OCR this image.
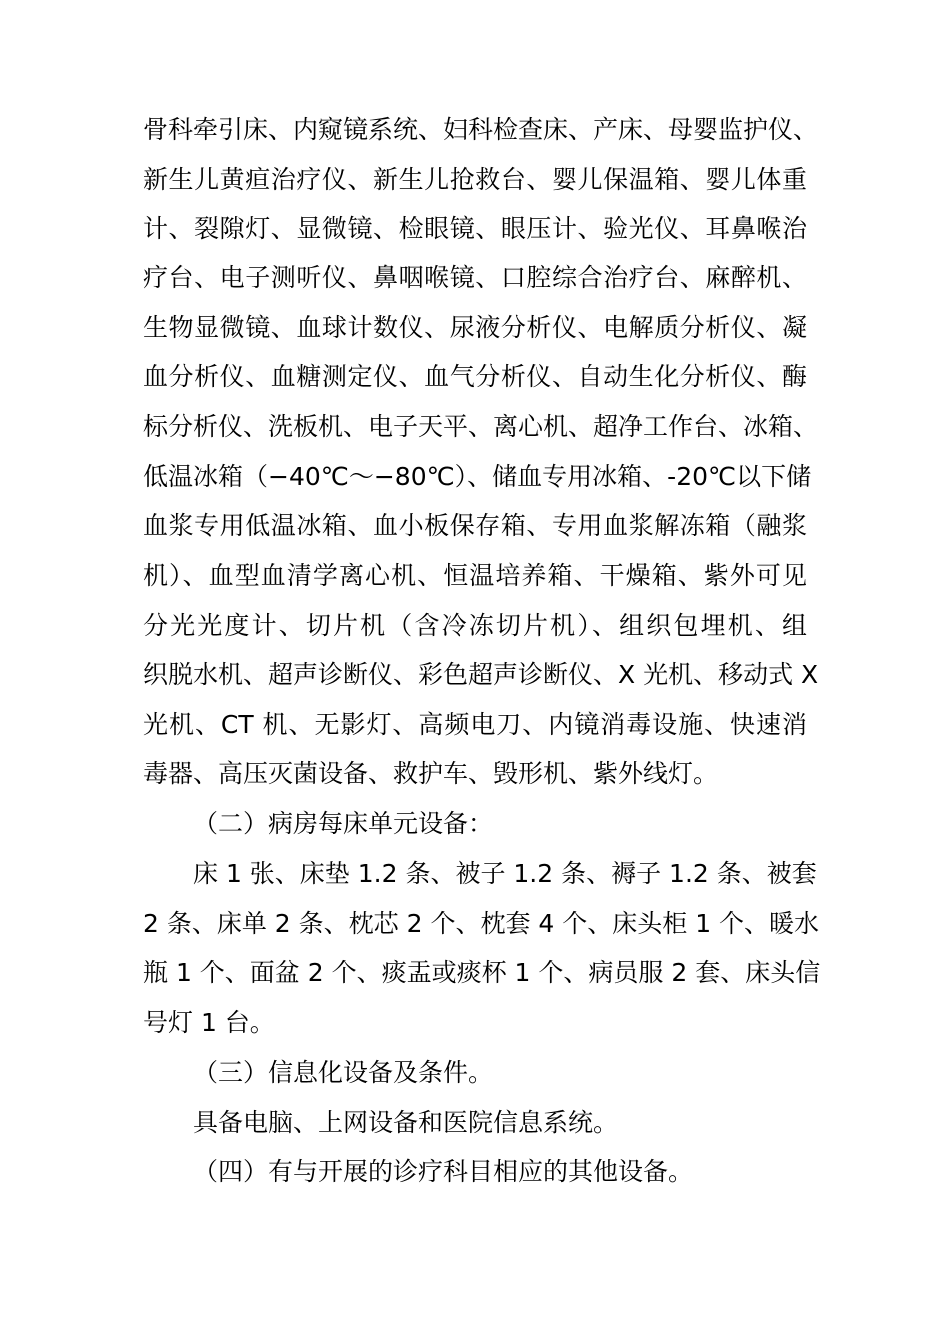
骨科牵引床、内窥镜系统、妇科检查床、产床、母婴监护仪、
新生儿黄疸治疗仪、新生儿抢救台、婴儿保温箱、婴儿体重
计、裂隙灯、显微镜、检眼镜、眼压计、验光仪、耳鼻喉治
疗台、电子测听仪、鼻咽喉镜、口腔综合治疗台、麻醉机、
生物显微镜、血球计数仪、尿液分析仪、电解质分析仪、凝
血分析仪、血糖测定仪、血气分析仪、自动生化分析仪、酶
标分析仪、洗板机、电子天平、离心机、超净工作台、冰箱、
低温冰箱（−40℃～−80℃）、储血专用冰箱、-20℃以下储
血浆专用低温冰箱、血小板保存箱、专用血浆解冻箱（融浆
机）、血型血清学离心机、恒温培养箱、干燥箱、紫外可见
分光光度计、切片机（含冷冻切片机）、组织包埋机、组
织脱水机、超声诊断仪、彩色超声诊断仪、X 光机、移动式 X
光机、CT 机、无影灯、高频电刀、内镜消毒设施、快速消
毒器、高压灭菌设备、救护车、毁形机、紫外线灯。
（二）病房每床单元设备：
床 1 张、床垫 1.2 条、被子 1.2 条、褥子 1.2 条、被套
2 条、床单 2 条、枕芯 2 个、枕套 4 个、床头柜 1 个、暖水
瓶 1 个、面盆 2 个、痰盂或痰杯 1 个、病员服 2 套、床头信
号灯 1 台。
（三）信息化设备及条件。
具备电脑、上网设备和医院信息系统。
（四）有与开展的诊疗科目相应的其他设备。
